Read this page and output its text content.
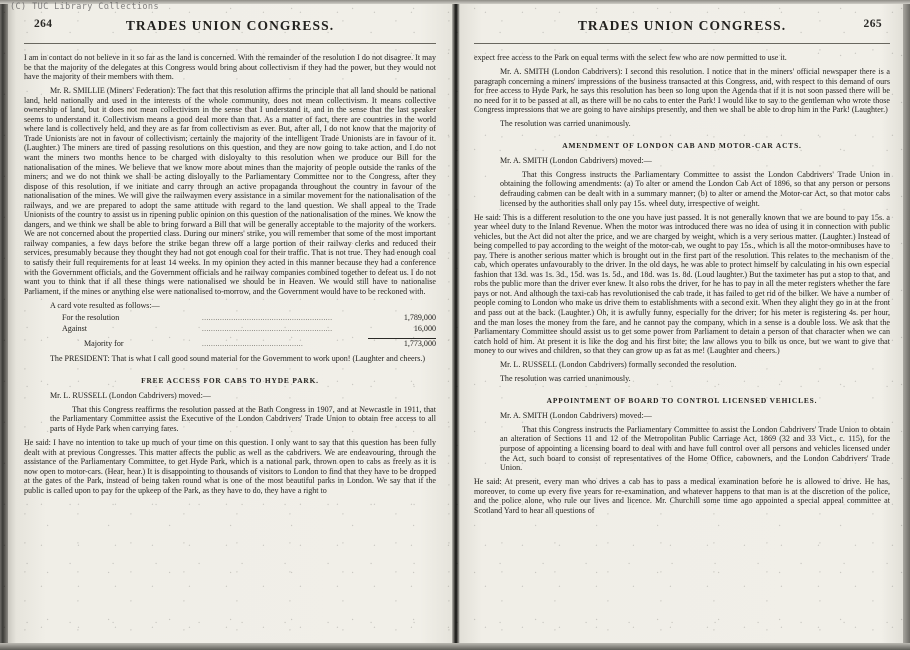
(C) TUC Library Collections
264	TRADES UNION CONGRESS.

I am in contact do not believe in it so far as the land is concerned. With the remainder of the resolution I do not disagree. It may be that the majority of the delegates at this Congress would bring about collectivism if they had the power, but they would not have the majority of their members with them.

Mr. R. SMILLIE (Miners' Federation): The fact that this resolution affirms the principle that all land should be national land, held nationally and used in the interests of the whole community, does not mean collectivism. It means collective ownership of land, but it does not mean collectivism in the sense that I understand it, and in the sense that the last speaker seems to understand it. Collectivism means a good deal more than that. As a matter of fact, there are countries in the world where land is collectively held, and they are as far from collectivism as ever. But, after all, I do not know that the majority of Trade Unionists are not in favour of collectivism; certainly the majority of the intelligent Trade Unionists are in favour of it. (Laughter.) The miners are tired of passing resolutions on this question, and they are now going to take action, and I do not want the miners two months hence to be charged with disloyalty to this resolution when we produce our Bill for the nationalisation of the mines. We believe that we know more about mines than the majority of people outside the ranks of the miners; and we do not think we shall be acting disloyally to the Parliamentary Committee nor to the Congress, after they dispose of this resolution, if we initiate and carry through an active propaganda throughout the country in favour of the nationalisation of the mines. We will give the railwaymen every assistance in a similar movement for the nationalisation of the railways, and we are prepared to adopt the same attitude with regard to the land question. We shall appeal to the Trade Unionists of the country to assist us in ripening public opinion on this question of the nationalisation of the mines. We know the dangers, and we think we shall be able to bring forward a Bill that will be generally acceptable to the majority of the workers. We are not concerned about the propertied class. During our miners' strike, you will remember that some of the most important railway companies, a few days before the strike began threw off a large portion of their railway clerks and reduced their services, presumably because they thought they had not got enough coal for their traffic. That is not true. They had enough coal to satisfy their full requirements for at least 14 weeks. In my opinion they acted in this manner because they had a conference with the Government officials, and the Government officials and he railway companies combined together to defeat us. I do not want you to think that if all these things were nationalised we should be in Heaven. We would still have to nationalise Parliament, if the mines or anything else were nationalised to-morrow, and the Government would have to be reckoned with.

A card vote resulted as follows:—

For the resolution	..........................................................	1,789,000
Against	..........................................................	16,000

Majority for	.............................................	1,773,000

The PRESIDENT: That is what I call good sound material for the Government to work upon! (Laughter and cheers.)

FREE ACCESS FOR CABS TO HYDE PARK.

Mr. L. RUSSELL (London Cabdrivers) moved:—

That this Congress reaffirms the resolution passed at the Bath Congress in 1907, and at Newcastle in 1911, that the Parliamentary Committee assist the Executive of the London Cabdrivers' Trade Union to obtain free access to all parts of Hyde Park when carrying fares.

He said: I have no intention to take up much of your time on this question. I only want to say that this question has been fully dealt with at previous Congresses. This matter affects the public as well as the cabdrivers. We are endeavouring, through the assistance of the Parliamentary Committee, to get Hyde Park, which is a national park, thrown open to cabs as freely as it is now open to motor-cars. (Hear, hear.) It is disappointing to thousands of visitors to London to find that they have to be dropped at the gates of the Park, instead of being taken round what is one of the most beautiful parks in London. We say that if the public is called upon to pay for the upkeep of the Park, as they have to do, they have a right to

TRADES UNION CONGRESS.	265

expect free access to the Park on equal terms with the select few who are now permitted to use it.

Mr. A. SMITH (London Cabdrivers): I second this resolution. I notice that in the miners' official newspaper there is a paragraph concerning a miners' impressions of the business transacted at this Congress, and, with respect to this demand of ours for free access to Hyde Park, he says this resolution has been so long upon the Agenda that if it is not soon passed there will be no need for it to be passed at all, as there will be no cabs to enter the Park! I would like to say to the gentleman who wrote those Congress impressions that we are going to have airships presently, and then we shall be able to drop him in the Park! (Laughter.)

The resolution was carried unanimously.

AMENDMENT OF LONDON CAB AND MOTOR-CAR ACTS.

Mr. A. SMITH (London Cabdrivers) moved:—

That this Congress instructs the Parliamentary Committee to assist the London Cabdrivers' Trade Union in obtaining the following amendments: (a) To alter or amend the London Cab Act of 1896, so that any person or persons defrauding cabmen can be dealt with in a summary manner; (b) to alter or amend the Motor-car Act, so that motor cabs licensed by the authorities shall only pay 15s. wheel duty, irrespective of weight.

He said: This is a different resolution to the one you have just passed. It is not generally known that we are bound to pay 15s. a year wheel duty to the Inland Revenue. When the motor was introduced there was no idea of using it in connection with public vehicles, but the Act did not alter the price, and we are charged by weight, which is a very serious matter. (Laughter.) Instead of being compelled to pay according to the weight of the motor-cab, we ought to pay 15s., which is all the motor-omnibuses have to pay. There is another serious matter which is brought out in the first part of the resolution. This relates to the mechanism of the cab, which operates unfavourably to the driver. In the old days, he was able to protect himself by calculating in his own especial fashion that 13d. was 1s. 3d., 15d. was 1s. 5d., and 18d. was 1s. 8d. (Loud laughter.) But the taximeter has put a stop to that, and robs the public more than the driver ever knew. It also robs the driver, for he has to pay in all the meter registers whether the fare pays or not. And although the taxi-cab has revolutionised the cab trade, it has failed to get rid of the bilker. We have a number of people coming to London who make us drive them to establishments with a second exit. When they alight they go in at the front and pass out at the back. (Laughter.) Oh, it is awfully funny, especially for the driver; for his meter is registering 4s. per hour, and the man loses the money from the fare, and he cannot pay the company, which in a sense is a double loss. We ask that the Parliamentary Committee should assist us to get some power from Parliament to detain a person of that character when we can catch hold of him. At present it is like the dog and his first bite; the law allows you to bilk us once, but we want to give that money to our wives and children, so that they can grow up as fat as me! (Laughter and cheers.)

Mr. L. RUSSELL (London Cabdrivers) formally seconded the resolution.

The resolution was carried unanimously.

APPOINTMENT OF BOARD TO CONTROL LICENSED VEHICLES.

Mr. A. SMITH (London Cabdrivers) moved:—

That this Congress instructs the Parliamentary Committee to assist the London Cabdrivers' Trade Union to obtain an alteration of Sections 11 and 12 of the Metropolitan Public Carriage Act, 1869 (32 and 33 Vict., c. 115), for the purpose of appointing a licensing board to deal with and have full control over all persons and vehicles licensed under the Act, such board to consist of representatives of the Home Office, cabowners, and the London Cabdrivers' Trade Union.

He said: At present, every man who drives a cab has to pass a medical examination before he is allowed to drive. He has, moreover, to come up every five years for re-examination, and whatever happens to that man is at the discretion of the police, and the police alone, who rule our lives and licence. Mr. Churchill some time ago appointed a special appeal committee at Scotland Yard to hear all questions of
